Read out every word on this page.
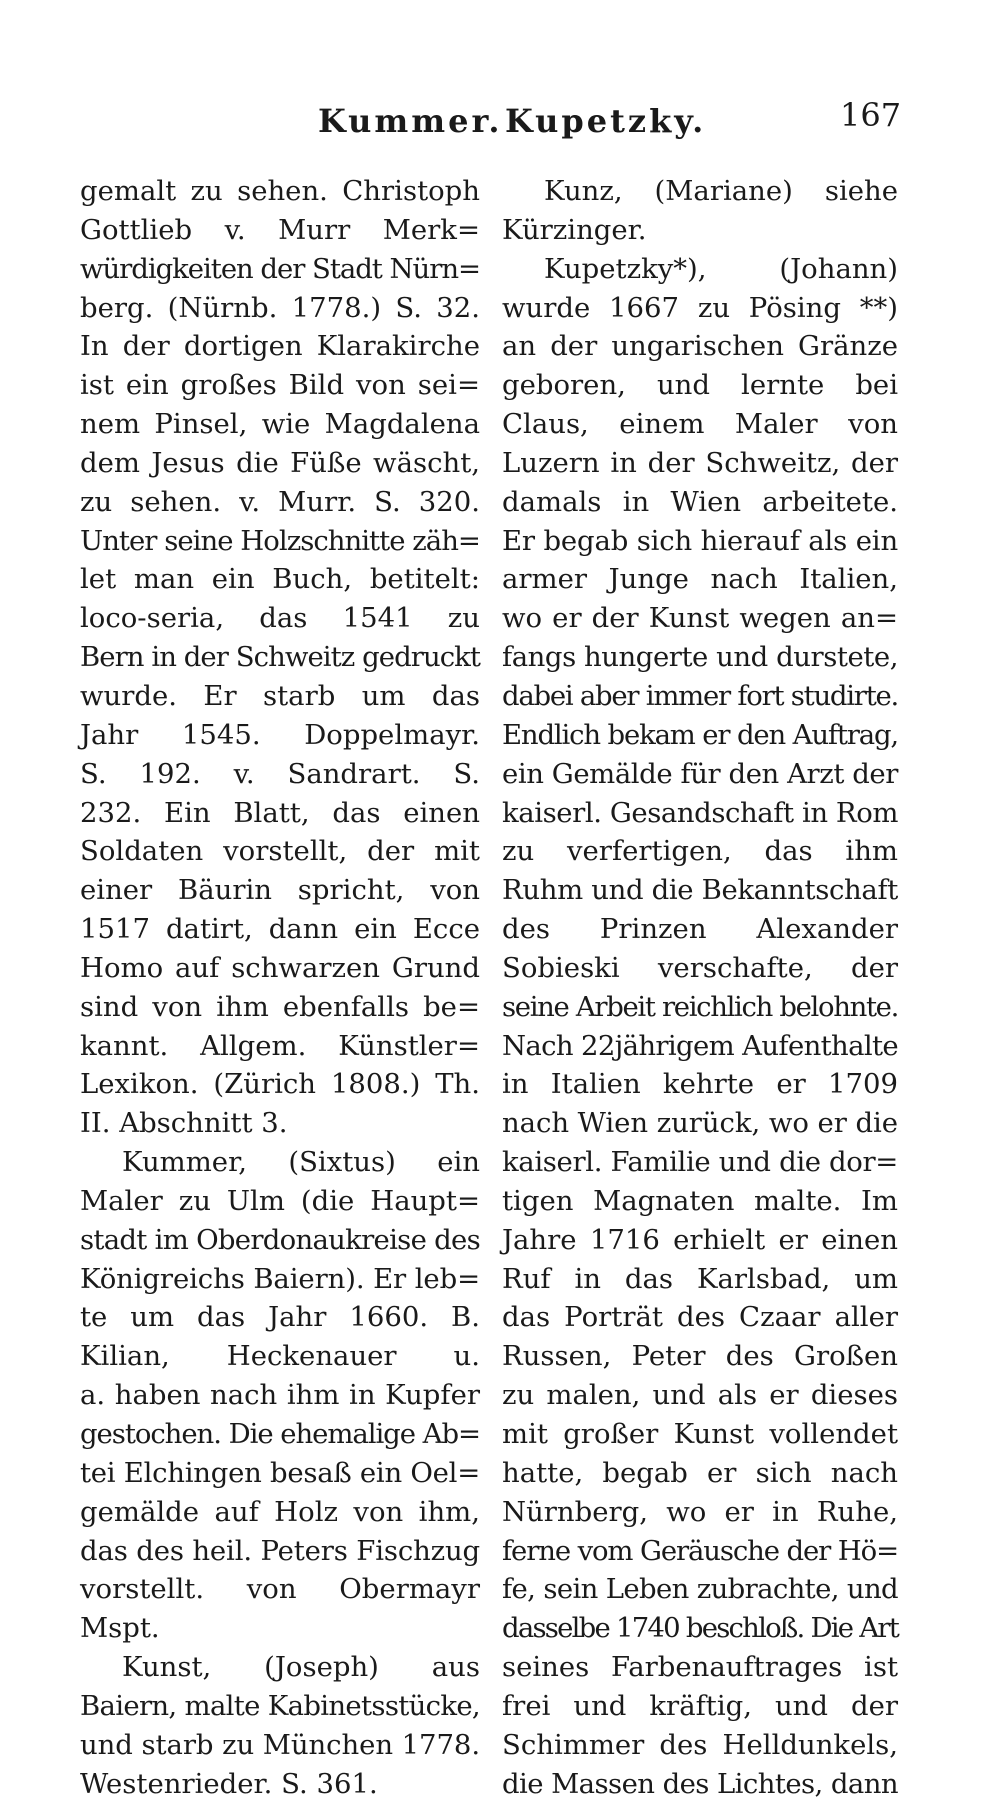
Kummer. Kupetzky.	167
gemalt zu sehen. Christoph
Gottlieb v. Murr Merk=
würdigkeiten der Stadt Nürn=
berg. (Nürnb. 1778.) S. 32.
In der dortigen Klarakirche
ist ein großes Bild von sei=
nem Pinsel, wie Magdalena
dem Jesus die Füße wäscht,
zu sehen. v. Murr. S. 320.
Unter seine Holzschnitte zäh=
let man ein Buch, betitelt:
loco-seria, das 1541 zu
Bern in der Schweitz gedruckt
wurde. Er starb um das
Jahr 1545. Doppelmayr.
S. 192. v. Sandrart. S.
232. Ein Blatt, das einen
Soldaten vorstellt, der mit
einer Bäurin spricht, von
1517 datirt, dann ein Ecce
Homo auf schwarzen Grund
sind von ihm ebenfalls be=
kannt. Allgem. Künstler=
Lexikon. (Zürich 1808.) Th.
II. Abschnitt 3.
Kummer, (Sixtus) ein
Maler zu Ulm (die Haupt=
stadt im Oberdonaukreise des
Königreichs Baiern). Er leb=
te um das Jahr 1660. B.
Kilian, Heckenauer u.
a. haben nach ihm in Kupfer
gestochen. Die ehemalige Ab=
tei Elchingen besaß ein Oel=
gemälde auf Holz von ihm,
das des heil. Peters Fischzug
vorstellt. von Obermayr
Mspt.
Kunst, (Joseph) aus
Baiern, malte Kabinetsstücke,
und starb zu München 1778.
Westenrieder. S. 361.
Kunz, (Mariane) siehe
Kürzinger.
Kupetzky*), (Johann)
wurde 1667 zu Pösing **)
an der ungarischen Gränze
geboren, und lernte bei
Claus, einem Maler von
Luzern in der Schweitz, der
damals in Wien arbeitete.
Er begab sich hierauf als ein
armer Junge nach Italien,
wo er der Kunst wegen an=
fangs hungerte und durstete,
dabei aber immer fort studirte.
Endlich bekam er den Auftrag,
ein Gemälde für den Arzt der
kaiserl. Gesandschaft in Rom
zu verfertigen, das ihm
Ruhm und die Bekanntschaft
des Prinzen Alexander
Sobieski verschafte, der
seine Arbeit reichlich belohnte.
Nach 22jährigem Aufenthalte
in Italien kehrte er 1709
nach Wien zurück, wo er die
kaiserl. Familie und die dor=
tigen Magnaten malte. Im
Jahre 1716 erhielt er einen
Ruf in das Karlsbad, um
das Porträt des Czaar aller
Russen, Peter des Großen
zu malen, und als er dieses
mit großer Kunst vollendet
hatte, begab er sich nach
Nürnberg, wo er in Ruhe,
ferne vom Geräusche der Hö=
fe, sein Leben zubrachte, und
dasselbe 1740 beschloß. Die Art
seines Farbenauftrages ist
frei und kräftig, und der
Schimmer des Helldunkels,
die Massen des Lichtes, dann
